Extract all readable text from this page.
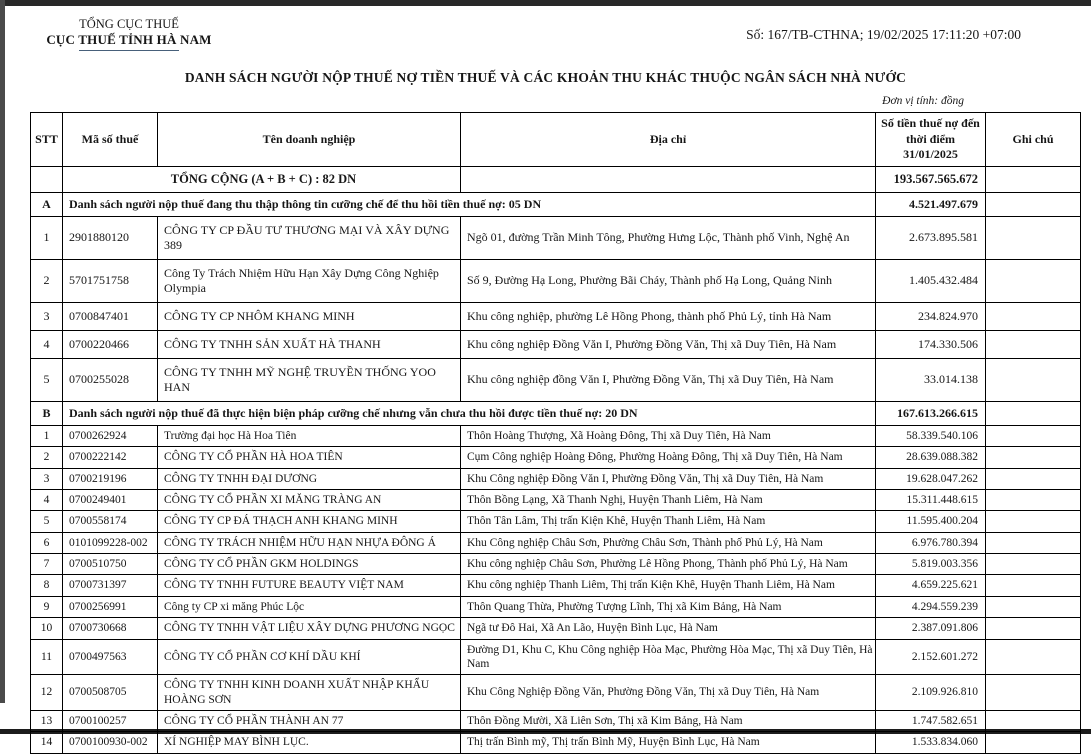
TỔNG CỤC THUẾ
CỤC THUẾ TỈNH HÀ NAM	Số: 167/TB-CTHNA; 19/02/2025 17:11:20 +07:00
DANH SÁCH NGƯỜI NỘP THUẾ NỢ TIỀN THUẾ VÀ CÁC KHOẢN THU KHÁC THUỘC NGÂN SÁCH NHÀ NƯỚC
Đơn vị tính: đồng
STT	Mã số thuế	Tên doanh nghiệp	Địa chỉ	Số tiền thuế nợ đến thời điểm 31/01/2025	Ghi chú
	TỔNG CỘNG (A + B + C) : 82 DN			193.567.565.672	
A	Danh sách người nộp thuế đang thu thập thông tin cưỡng chế để thu hồi tiền thuế nợ: 05 DN			4.521.497.679	
1	2901880120	CÔNG TY CP ĐẦU TƯ THƯƠNG MẠI VÀ XÂY DỰNG 389	Ngõ 01, đường Trần Minh Tông, Phường Hưng Lộc, Thành phố Vinh, Nghệ An	2.673.895.581	
2	5701751758	Công Ty Trách Nhiệm Hữu Hạn Xây Dựng Công Nghiệp Olympia	Số 9, Đường Hạ Long, Phường Bãi Cháy, Thành phố Hạ Long, Quảng Ninh	1.405.432.484	
3	0700847401	CÔNG TY CP NHÔM KHANG MINH	Khu công nghiệp, phường Lê Hồng Phong, thành phố Phủ Lý, tỉnh Hà Nam	234.824.970	
4	0700220466	CÔNG TY TNHH SẢN XUẤT HÀ THANH	Khu công nghiệp Đồng Văn I, Phường Đồng Văn, Thị xã Duy Tiên, Hà Nam	174.330.506	
5	0700255028	CÔNG TY TNHH MỸ NGHỆ TRUYỀN THỐNG YOO HAN	Khu công nghiệp đồng Văn I, Phường Đồng Văn, Thị xã Duy Tiên, Hà Nam	33.014.138	
B	Danh sách người nộp thuế đã thực hiện biện pháp cưỡng chế nhưng vẫn chưa thu hồi được tiền thuế nợ: 20 DN			167.613.266.615	
1	0700262924	Trường đại học Hà Hoa Tiên	Thôn Hoàng Thượng, Xã Hoàng Đông, Thị xã Duy Tiên, Hà Nam	58.339.540.106	
2	0700222142	CÔNG TY CỔ PHẦN HÀ HOA TIÊN	Cụm Công nghiệp Hoàng Đông, Phường Hoàng Đông, Thị xã Duy Tiên, Hà Nam	28.639.088.382	
3	0700219196	CÔNG TY TNHH ĐẠI DƯƠNG	Khu Công nghiệp Đồng Văn I, Phường Đồng Văn, Thị xã Duy Tiên, Hà Nam	19.628.047.262	
4	0700249401	CÔNG TY CỔ PHẦN XI MĂNG TRÀNG AN	Thôn Bồng Lạng, Xã Thanh Nghị, Huyện Thanh Liêm, Hà Nam	15.311.448.615	
5	0700558174	CÔNG TY CP ĐÁ THẠCH ANH KHANG MINH	Thôn Tân Lâm, Thị trấn Kiện Khê, Huyện Thanh Liêm, Hà Nam	11.595.400.204	
6	0101099228-002	CÔNG TY TRÁCH NHIỆM HỮU HẠN NHỰA ĐÔNG Á	Khu Công nghiệp Châu Sơn, Phường Châu Sơn, Thành phố Phủ Lý, Hà Nam	6.976.780.394	
7	0700510750	CÔNG TY CỔ PHẦN GKM HOLDINGS	Khu công nghiệp Châu Sơn, Phường Lê Hồng Phong, Thành phố Phủ Lý, Hà Nam	5.819.003.356	
8	0700731397	CÔNG TY TNHH FUTURE BEAUTY VIỆT NAM	Khu công nghiệp Thanh Liêm, Thị trấn Kiện Khê, Huyện Thanh Liêm, Hà Nam	4.659.225.621	
9	0700256991	Công ty CP xi măng Phúc Lộc	Thôn Quang Thừa, Phường Tượng Lĩnh, Thị xã Kim Bảng, Hà Nam	4.294.559.239	
10	0700730668	CÔNG TY TNHH VẬT LIỆU XÂY DỰNG PHƯƠNG NGỌC	Ngã tư Đô Hai, Xã An Lão, Huyện Bình Lục, Hà Nam	2.387.091.806	
11	0700497563	CÔNG TY CỔ PHẦN CƠ KHÍ DẦU KHÍ	Đường D1, Khu C, Khu Công nghiệp Hòa Mạc, Phường Hòa Mạc, Thị xã Duy Tiên, Hà Nam	2.152.601.272	
12	0700508705	CÔNG TY TNHH KINH DOANH XUẤT NHẬP KHẨU HOÀNG SƠN	Khu Công Nghiệp Đồng Văn, Phường Đồng Văn, Thị xã Duy Tiên, Hà Nam	2.109.926.810	
13	0700100257	CÔNG TY CỔ PHẦN THÀNH AN 77	Thôn Đồng Mười, Xã Liên Sơn, Thị xã Kim Bảng, Hà Nam	1.747.582.651	
14	0700100930-002	XÍ NGHIỆP MAY BÌNH LỤC.	Thị trấn Bình mỹ, Thị trấn Bình Mỹ, Huyện Bình Lục, Hà Nam	1.533.834.060	
